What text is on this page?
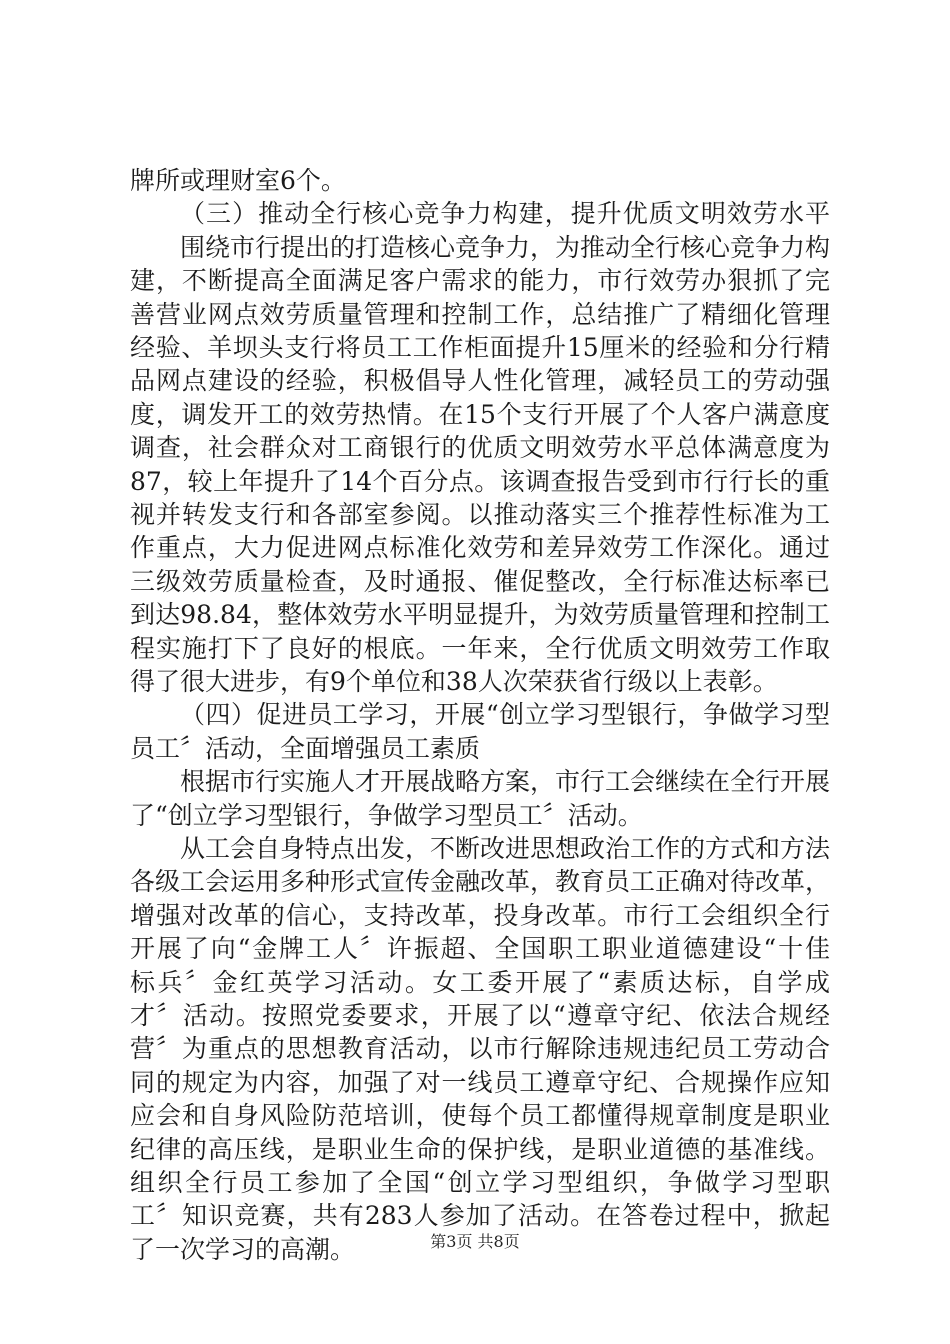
牌所或理财室6个。
（三）推动全行核心竞争力构建，提升优质文明效劳水平
围绕市行提出的打造核心竞争力，为推动全行核心竞争力构
建，不断提高全面满足客户需求的能力，市行效劳办狠抓了完
善营业网点效劳质量管理和控制工作，总结推广了精细化管理
经验、羊坝头支行将员工工作柜面提升15厘米的经验和分行精
品网点建设的经验，积极倡导人性化管理，减轻员工的劳动强
度，调发开工的效劳热情。在15个支行开展了个人客户满意度
调查，社会群众对工商银行的优质文明效劳水平总体满意度为
87，较上年提升了14个百分点。该调查报告受到市行行长的重
视并转发支行和各部室参阅。以推动落实三个推荐性标准为工
作重点，大力促进网点标准化效劳和差异效劳工作深化。通过
三级效劳质量检查，及时通报、催促整改，全行标准达标率已
到达98.84，整体效劳水平明显提升，为效劳质量管理和控制工
程实施打下了良好的根底。一年来，全行优质文明效劳工作取
得了很大进步，有9个单位和38人次荣获省行级以上表彰。
（四）促进员工学习，开展“创立学习型银行，争做学习型
员工〞活动，全面增强员工素质
根据市行实施人才开展战略方案，市行工会继续在全行开展
了“创立学习型银行，争做学习型员工〞活动。
从工会自身特点出发，不断改进思想政治工作的方式和方法
各级工会运用多种形式宣传金融改革，教育员工正确对待改革，
增强对改革的信心，支持改革，投身改革。市行工会组织全行
开展了向“金牌工人〞许振超、全国职工职业道德建设“十佳
标兵〞金红英学习活动。女工委开展了“素质达标，自学成
才〞活动。按照党委要求，开展了以“遵章守纪、依法合规经
营〞为重点的思想教育活动，以市行解除违规违纪员工劳动合
同的规定为内容，加强了对一线员工遵章守纪、合规操作应知
应会和自身风险防范培训，使每个员工都懂得规章制度是职业
纪律的高压线，是职业生命的保护线，是职业道德的基准线。
组织全行员工参加了全国“创立学习型组织，争做学习型职
工〞知识竞赛，共有283人参加了活动。在答卷过程中，掀起
了一次学习的高潮。	第3页 共8页
